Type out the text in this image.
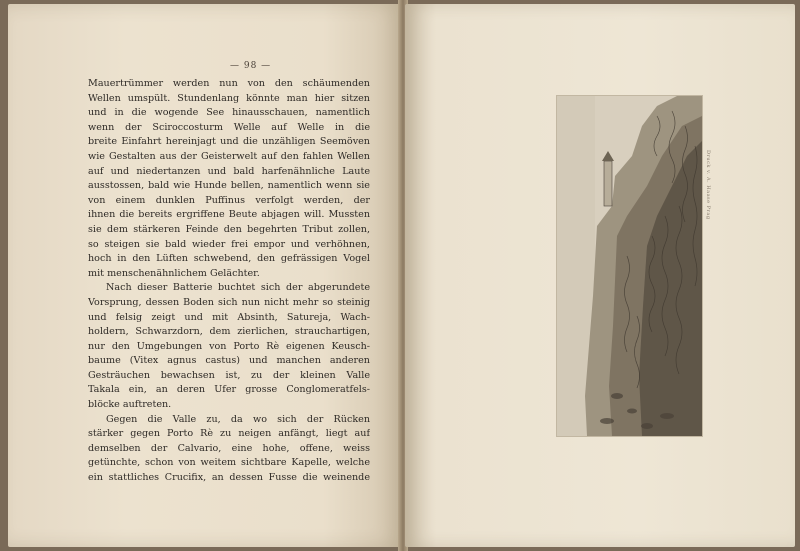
— 98 —
Mauertrümmer werden nun von den schäumenden
Wellen umspült. Stundenlang könnte man hier sitzen
und in die wogende See hinausschauen, namentlich
wenn der Sciroccosturm Welle auf Welle in die
breite Einfahrt hereinjagt und die unzähligen Seemöven
wie Gestalten aus der Geisterwelt auf den fahlen Wellen
auf und niedertanzen und bald harfenähnliche Laute
ausstossen, bald wie Hunde bellen, namentlich wenn sie
von einem dunklen Puffinus verfolgt werden, der
ihnen die bereits ergriffene Beute abjagen will. Mussten
sie dem stärkeren Feinde den begehrten Tribut zollen,
so steigen sie bald wieder frei empor und verhöhnen,
hoch in den Lüften schwebend, den gefrässigen Vogel
mit menschenähnlichem Gelächter.
Nach dieser Batterie buchtet sich der abgerundete
Vorsprung, dessen Boden sich nun nicht mehr so steinig
und felsig zeigt und mit Absinth, Satureja, Wach-
holdern, Schwarzdorn, dem zierlichen, strauchartigen,
nur den Umgebungen von Porto Rè eigenen Keusch-
baume (Vitex agnus castus) und manchen anderen
Gesträuchen bewachsen ist, zu der kleinen Valle
Takala ein, an deren Ufer grosse Conglomeratfels-
blöcke auftreten.
Gegen die Valle zu, da wo sich der Rücken
stärker gegen Porto Rè zu neigen anfängt, liegt auf
demselben der Calvario, eine hohe, offene, weiss
getünchte, schon von weitem sichtbare Kapelle, welche
ein stattliches Crucifix, an dessen Fusse die weinende
Druck v. A. Haase Prag
